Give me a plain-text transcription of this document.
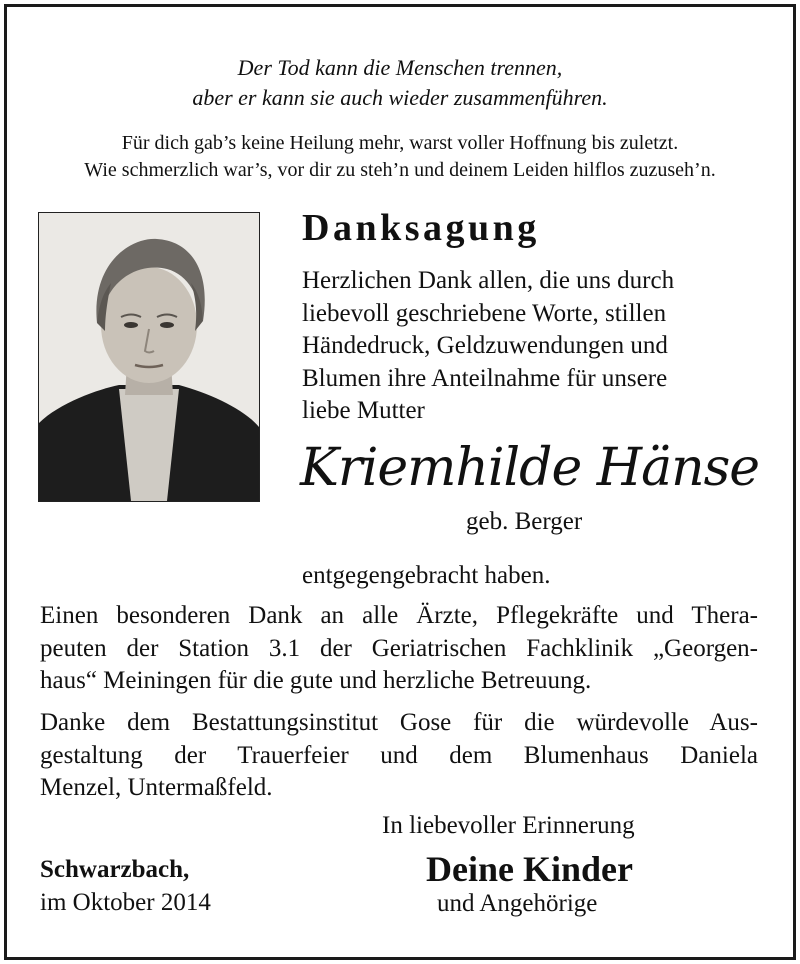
Der Tod kann die Menschen trennen,
aber er kann sie auch wieder zusammenführen.
Für dich gab’s keine Heilung mehr, warst voller Hoffnung bis zuletzt.
Wie schmerzlich war’s, vor dir zu steh’n und deinem Leiden hilflos zuzuseh’n.
Danksagung
Herzlichen Dank allen, die uns durch
liebevoll geschriebene Worte, stillen
Händedruck, Geldzuwendungen und
Blumen ihre Anteilnahme für unsere
liebe Mutter
Kriemhilde Hänse
geb. Berger
entgegengebracht haben.
Einen besonderen Dank an alle Ärzte, Pflegekräfte und Thera-
peuten der Station 3.1 der Geriatrischen Fachklinik „Georgen-
haus“ Meiningen für die gute und herzliche Betreuung.
Danke dem Bestattungsinstitut Gose für die würdevolle Aus-
gestaltung der Trauerfeier und dem Blumenhaus Daniela
Menzel, Untermaßfeld.
In liebevoller Erinnerung
Schwarzbach,
im Oktober 2014
Deine Kinder
und Angehörige
